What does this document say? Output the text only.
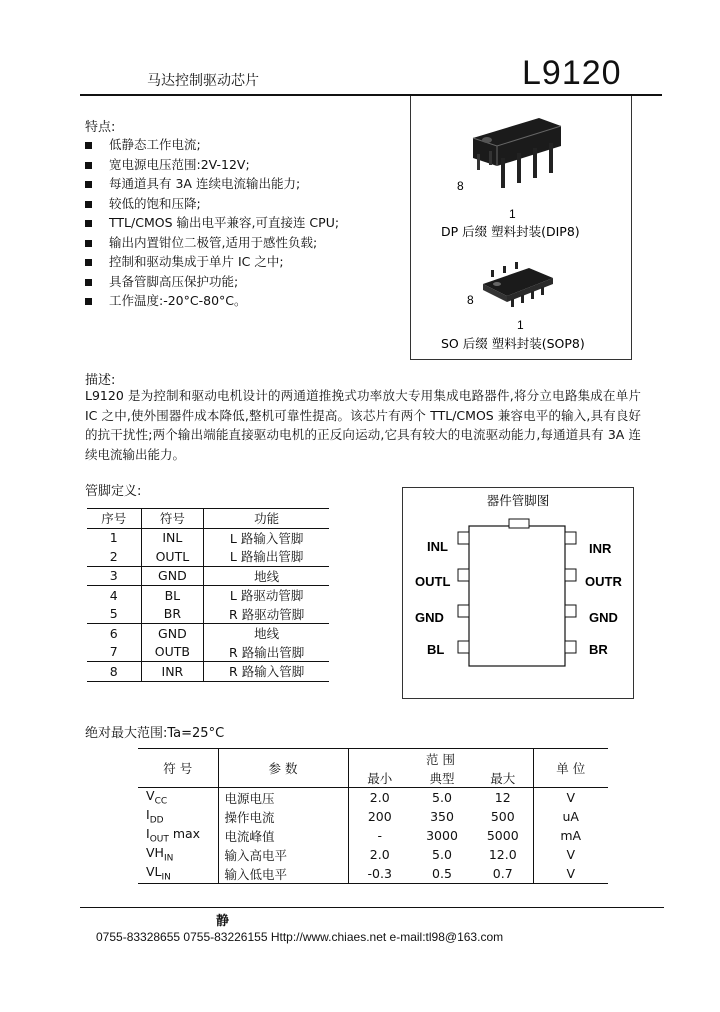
马达控制驱动芯片	L9120
特点:
低静态工作电流;
宽电源电压范围:2V-12V;
每通道具有 3A 连续电流输出能力;
较低的饱和压降;
TTL/CMOS 输出电平兼容,可直接连 CPU;
输出内置钳位二极管,适用于感性负载;
控制和驱动集成于单片 IC 之中;
具备管脚高压保护功能;
工作温度:-20°C-80°C。
8
1
DP 后缀 塑料封装(DIP8)
8
1
SO 后缀 塑料封装(SOP8)
描述:
L9120 是为控制和驱动电机设计的两通道推挽式功率放大专用集成电路器件,将分立电路集成在单片 IC 之中,使外围器件成本降低,整机可靠性提高。该芯片有两个 TTL/CMOS 兼容电平的输入,具有良好的抗干扰性;两个输出端能直接驱动电机的正反向运动,它具有较大的电流驱动能力,每通道具有 3A 连续电流输出能力。
管脚定义:
序号	符号	功能
1	INL	L 路输入管脚
2	OUTL	L 路输出管脚
3	GND	地线
4	BL	L 路驱动管脚
5	BR	R 路驱动管脚
6	GND	地线
7	OUTB	R 路输出管脚
8	INR	R 路输入管脚
器件管脚图
INL
OUTL
GND
BL
INR
OUTR
GND
BR
绝对最大范围:Ta=25°C
符 号	参 数	范 围			单 位
		最小	典型	最大	
$V_{CC}$	电源电压	2.0	5.0	12	V
$I_{DD}$	操作电流	200	350	500	uA
$I_{OUT}$ max	电流峰值	-	3000	5000	mA
$VH_{IN}$	输入高电平	2.0	5.0	12.0	V
$VL_{IN}$	输入低电平	-0.3	0.5	0.7	V
静
0755-83328655 0755-83226155 Http://www.chiaes.net e-mail:tl98@163.com
